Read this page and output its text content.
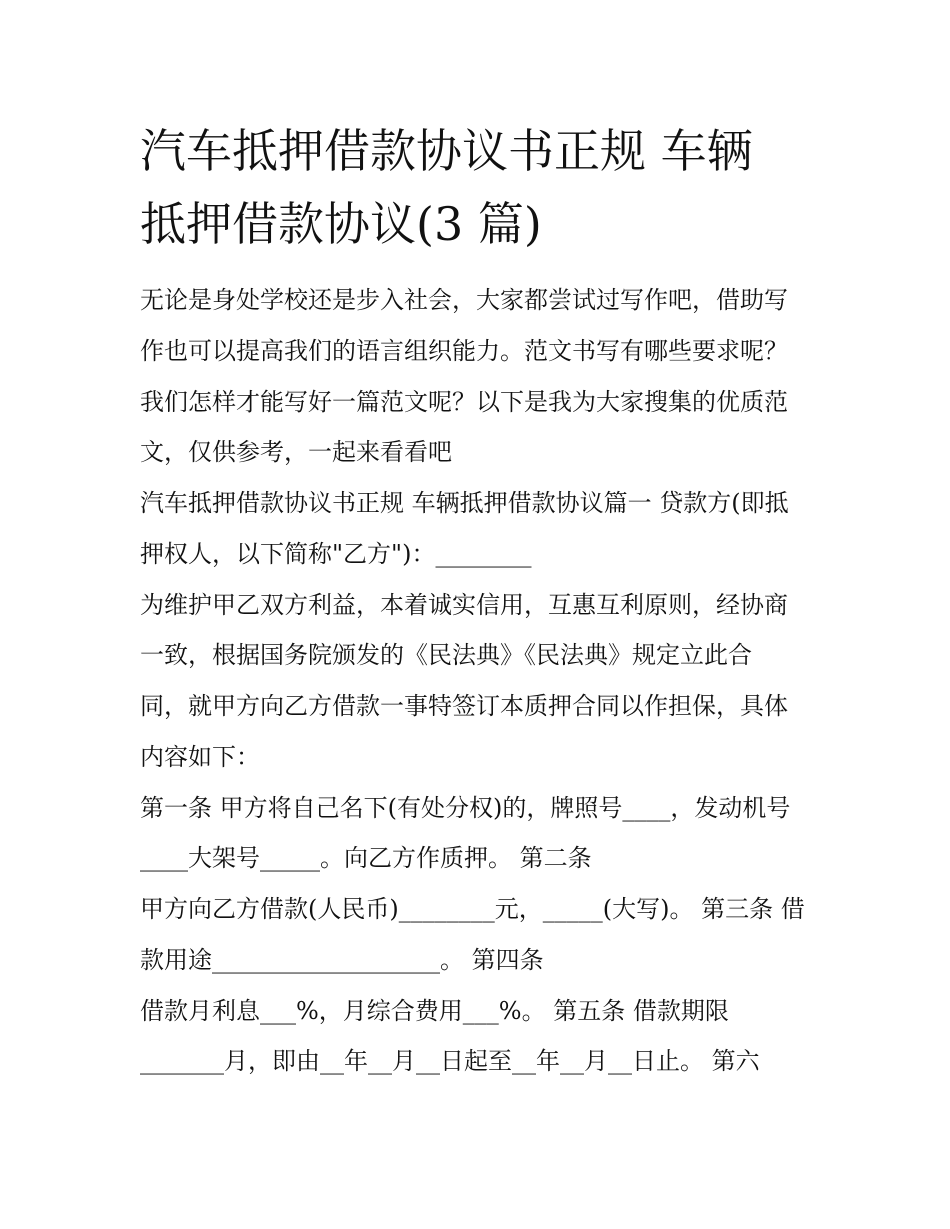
汽车抵押借款协议书正规 车辆
抵押借款协议(3 篇)

无论是身处学校还是步入社会，大家都尝试过写作吧，借助写

作也可以提高我们的语言组织能力。范文书写有哪些要求呢？

我们怎样才能写好一篇范文呢？以下是我为大家搜集的优质范

文，仅供参考，一起来看看吧

汽车抵押借款协议书正规 车辆抵押借款协议篇一 贷款方(即抵

押权人，以下简称"乙方")：________

为维护甲乙双方利益，本着诚实信用，互惠互利原则，经协商

一致，根据国务院颁发的《民法典》《民法典》规定立此合

同，就甲方向乙方借款一事特签订本质押合同以作担保，具体

内容如下：

第一条 甲方将自己名下(有处分权)的，牌照号____，发动机号

____大架号_____。向乙方作质押。 第二条

甲方向乙方借款(人民币)________元，_____(大写)。 第三条 借

款用途___________________。 第四条

借款月利息___%，月综合费用___%。 第五条 借款期限

_______月，即由__年__月__日起至__年__月__日止。 第六
